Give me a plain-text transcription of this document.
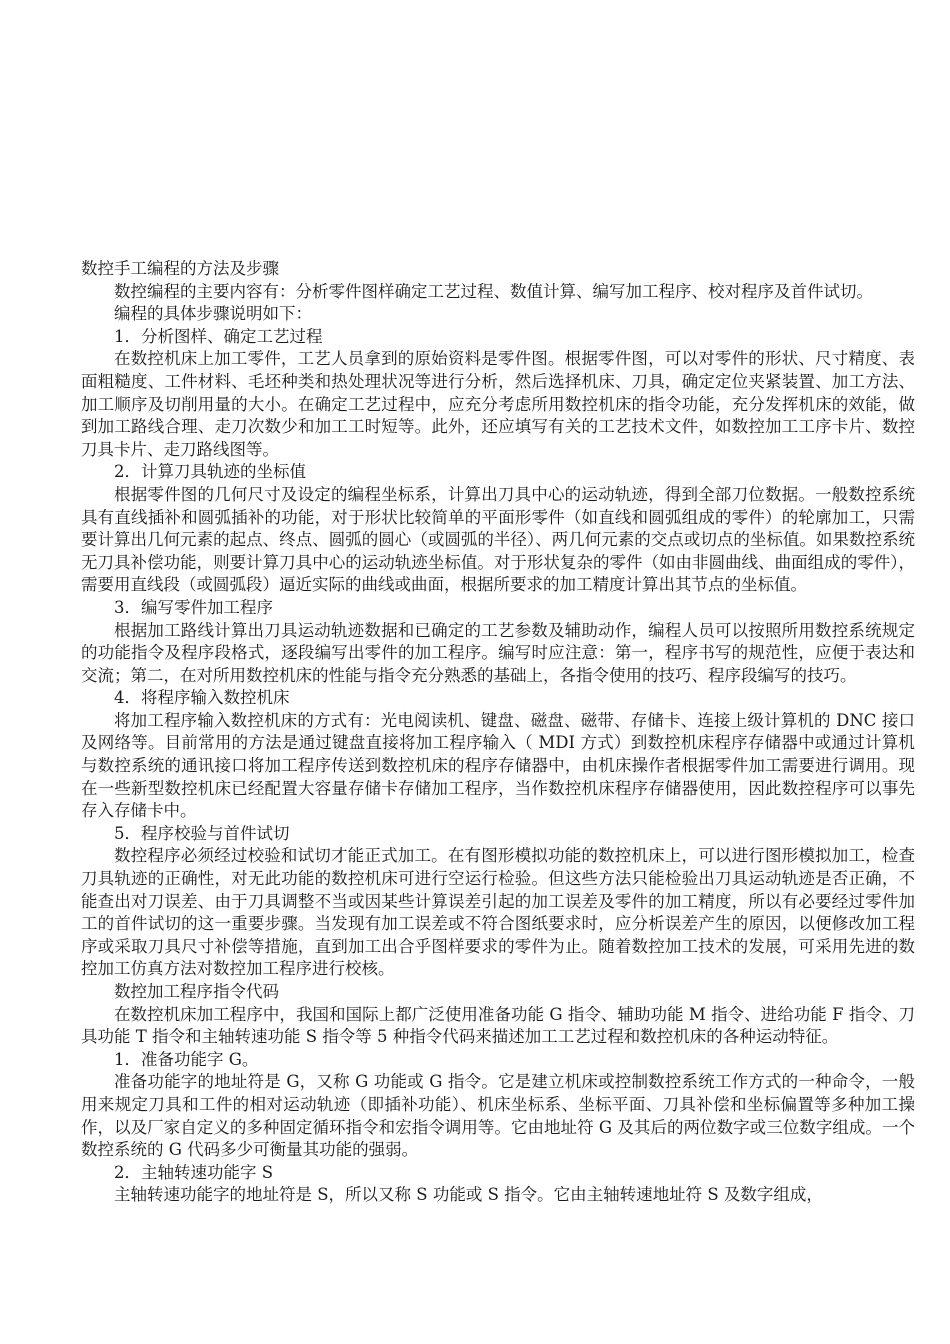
数控手工编程的方法及步骤

数控编程的主要内容有：分析零件图样确定工艺过程、数值计算、编写加工程序、校对程序及首件试切。

编程的具体步骤说明如下：

1．分析图样、确定工艺过程

在数控机床上加工零件，工艺人员拿到的原始资料是零件图。根据零件图，可以对零件的形状、尺寸精度、表面粗糙度、工件材料、毛坯种类和热处理状况等进行分析，然后选择机床、刀具，确定定位夹紧装置、加工方法、加工顺序及切削用量的大小。在确定工艺过程中，应充分考虑所用数控机床的指令功能，充分发挥机床的效能，做到加工路线合理、走刀次数少和加工工时短等。此外，还应填写有关的工艺技术文件，如数控加工工序卡片、数控刀具卡片、走刀路线图等。

2．计算刀具轨迹的坐标值

根据零件图的几何尺寸及设定的编程坐标系，计算出刀具中心的运动轨迹，得到全部刀位数据。一般数控系统具有直线插补和圆弧插补的功能，对于形状比较简单的平面形零件（如直线和圆弧组成的零件）的轮廓加工，只需要计算出几何元素的起点、终点、圆弧的圆心（或圆弧的半径）、两几何元素的交点或切点的坐标值。如果数控系统无刀具补偿功能，则要计算刀具中心的运动轨迹坐标值。对于形状复杂的零件（如由非圆曲线、曲面组成的零件），需要用直线段（或圆弧段）逼近实际的曲线或曲面，根据所要求的加工精度计算出其节点的坐标值。

3．编写零件加工程序

根据加工路线计算出刀具运动轨迹数据和已确定的工艺参数及辅助动作，编程人员可以按照所用数控系统规定的功能指令及程序段格式，逐段编写出零件的加工程序。编写时应注意：第一，程序书写的规范性，应便于表达和交流；第二，在对所用数控机床的性能与指令充分熟悉的基础上，各指令使用的技巧、程序段编写的技巧。

4．将程序输入数控机床

将加工程序输入数控机床的方式有：光电阅读机、键盘、磁盘、磁带、存储卡、连接上级计算机的 DNC 接口及网络等。目前常用的方法是通过键盘直接将加工程序输入（ MDI 方式）到数控机床程序存储器中或通过计算机与数控系统的通讯接口将加工程序传送到数控机床的程序存储器中，由机床操作者根据零件加工需要进行调用。现在一些新型数控机床已经配置大容量存储卡存储加工程序，当作数控机床程序存储器使用，因此数控程序可以事先存入存储卡中。

5．程序校验与首件试切

数控程序必须经过校验和试切才能正式加工。在有图形模拟功能的数控机床上，可以进行图形模拟加工，检查刀具轨迹的正确性，对无此功能的数控机床可进行空运行检验。但这些方法只能检验出刀具运动轨迹是否正确，不能查出对刀误差、由于刀具调整不当或因某些计算误差引起的加工误差及零件的加工精度，所以有必要经过零件加工的首件试切的这一重要步骤。当发现有加工误差或不符合图纸要求时，应分析误差产生的原因，以便修改加工程序或采取刀具尺寸补偿等措施，直到加工出合乎图样要求的零件为止。随着数控加工技术的发展，可采用先进的数控加工仿真方法对数控加工程序进行校核。

数控加工程序指令代码

在数控机床加工程序中，我国和国际上都广泛使用准备功能 G 指令、辅助功能 M 指令、进给功能 F 指令、刀具功能 T 指令和主轴转速功能 S 指令等 5 种指令代码来描述加工工艺过程和数控机床的各种运动特征。

1．准备功能字 G。

准备功能字的地址符是 G，又称 G 功能或 G 指令。它是建立机床或控制数控系统工作方式的一种命令，一般用来规定刀具和工件的相对运动轨迹（即插补功能）、机床坐标系、坐标平面、刀具补偿和坐标偏置等多种加工操作，以及厂家自定义的多种固定循环指令和宏指令调用等。它由地址符 G 及其后的两位数字或三位数字组成。一个数控系统的 G 代码多少可衡量其功能的强弱。

2．主轴转速功能字 S

主轴转速功能字的地址符是 S，所以又称 S 功能或 S 指令。它由主轴转速地址符 S 及数字组成，
